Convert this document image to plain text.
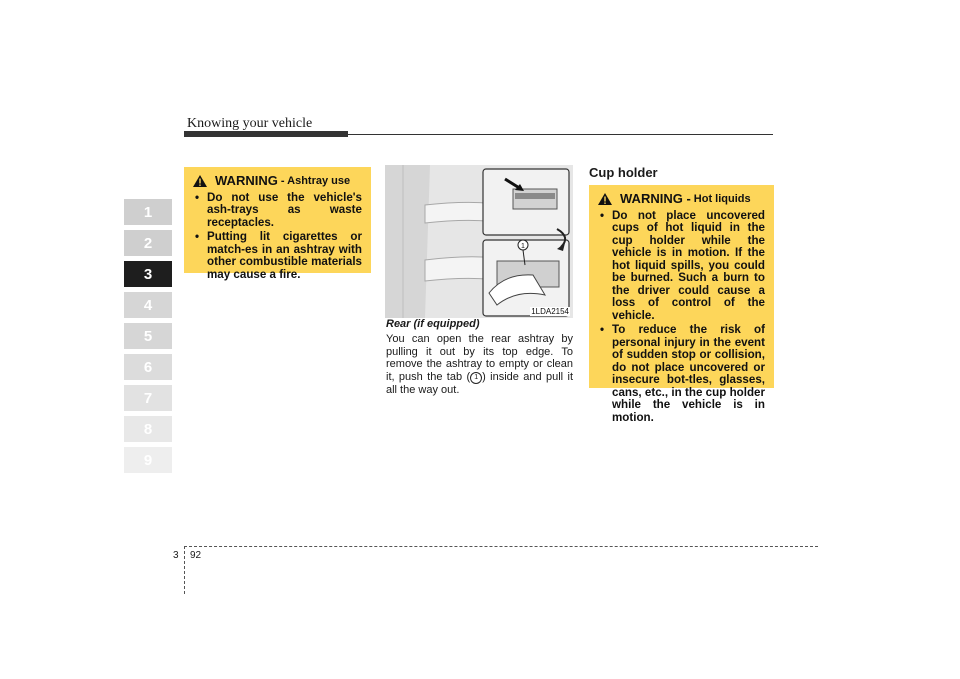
Knowing your vehicle
1
2
3
4
5
6
7
8
9
WARNING - Ashtray use
• Do not use the vehicle's ash-trays as waste receptacles.
• Putting lit cigarettes or match-es in an ashtray with other combustible materials may cause a fire.
1
1LDA2154
Rear (if equipped)
You can open the rear ashtray by pulling it out by its top edge. To remove the ashtray to empty or clean it, push the tab ( 1 ) inside and pull it all the way out.
Cup holder
WARNING - Hot liquids
• Do not place uncovered cups of hot liquid in the cup holder while the vehicle is in motion. If the hot liquid spills, you could be burned. Such a burn to the driver could cause a loss of control of the vehicle.
• To reduce the risk of personal injury in the event of sudden stop or collision, do not place uncovered or insecure bot-tles, glasses, cans, etc., in the cup holder while the vehicle is in motion.
3 92
